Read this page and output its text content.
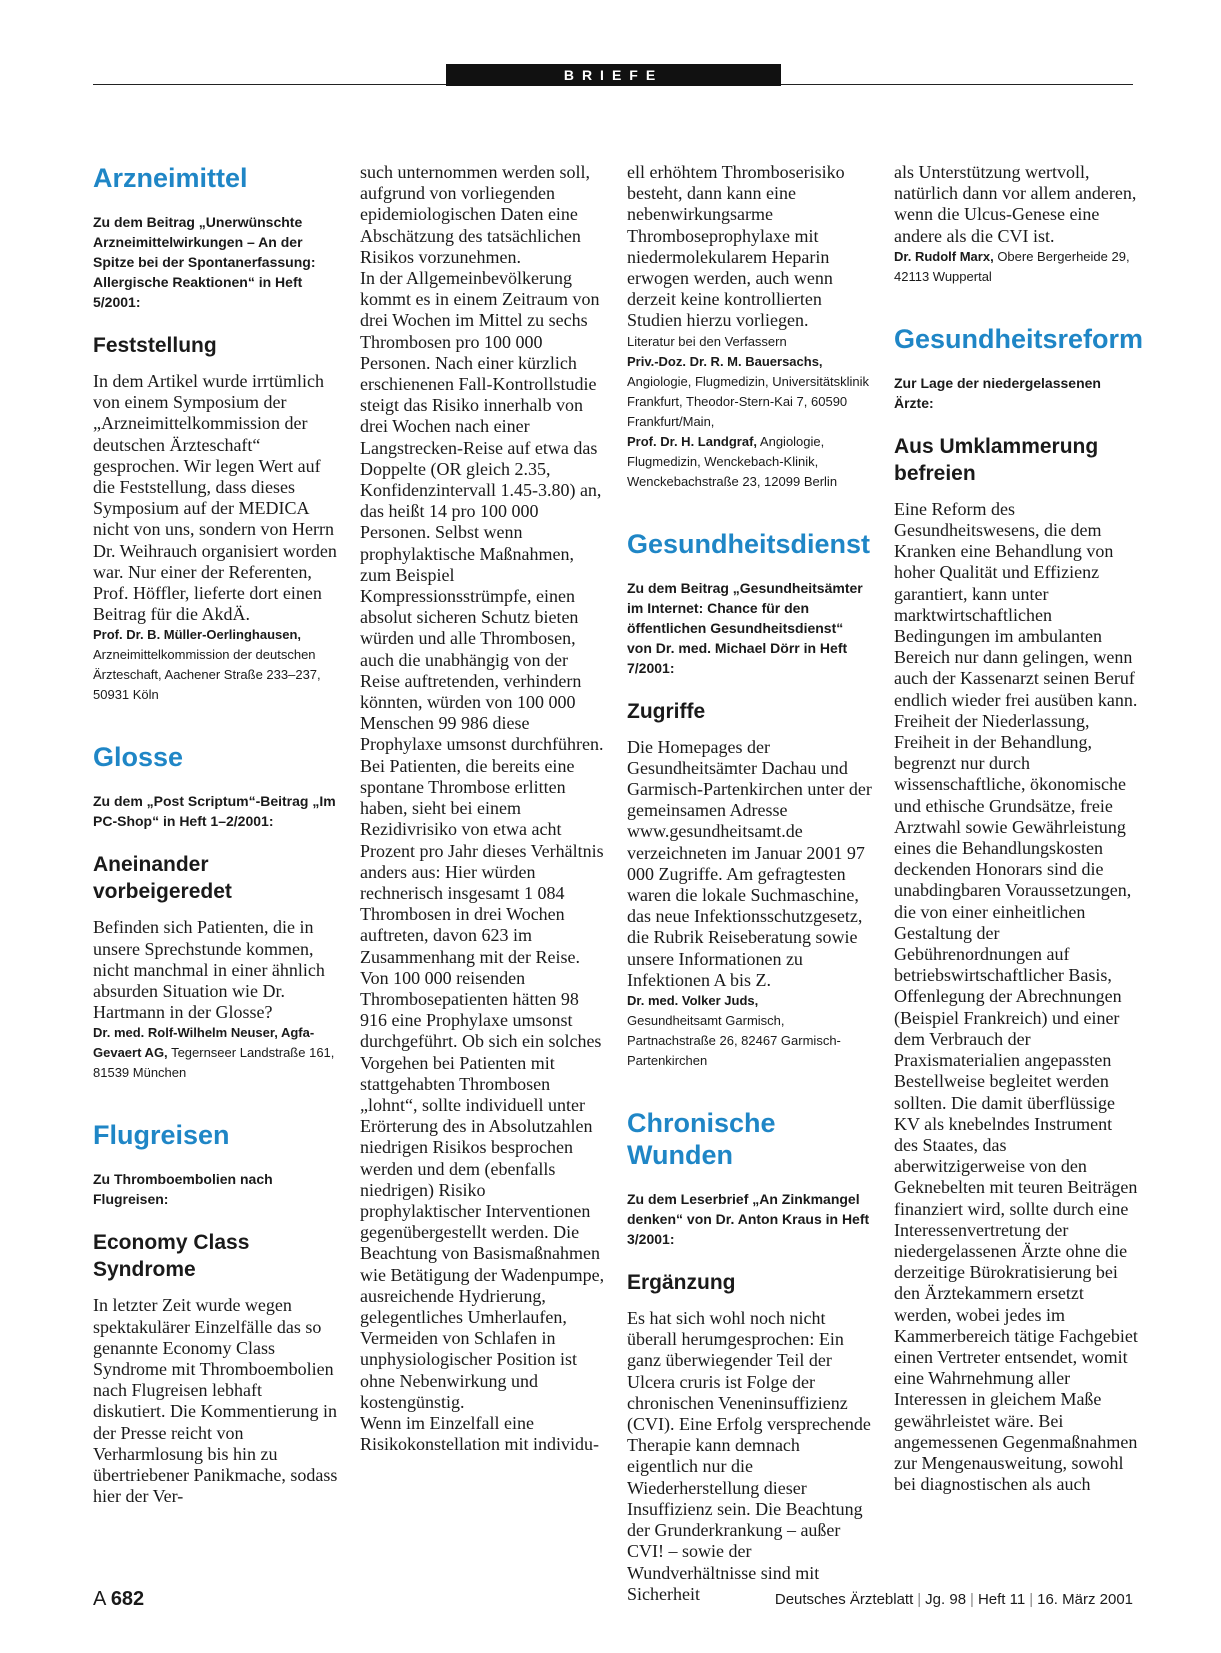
BRIEFE
Arzneimittel

Zu dem Beitrag „Unerwünschte Arzneimittelwirkungen – An der Spitze bei der Spontanerfassung: Allergische Reaktionen“ in Heft 5/2001:

Feststellung

In dem Artikel wurde irrtümlich von einem Symposium der „Arzneimittelkommission der deutschen Ärzteschaft“ gesprochen. Wir legen Wert auf die Feststellung, dass dieses Symposium auf der MEDICA nicht von uns, sondern von Herrn Dr. Weihrauch organisiert worden war. Nur einer der Referenten, Prof. Höffler, lieferte dort einen Beitrag für die AkdÄ.

Prof. Dr. B. Müller-Oerlinghausen,
Arzneimittelkommission der deutschen Ärzteschaft, Aachener Straße 233–237, 50931 Köln

Glosse

Zu dem „Post Scriptum“-Beitrag „Im PC-Shop“ in Heft 1–2/2001:

Aneinander vorbeigeredet

Befinden sich Patienten, die in unsere Sprechstunde kommen, nicht manchmal in einer ähnlich absurden Situation wie Dr. Hartmann in der Glosse?

Dr. med. Rolf-Wilhelm Neuser, Agfa-Gevaert AG, Tegernseer Landstraße 161, 81539 München

Flugreisen

Zu Thromboembolien nach Flugreisen:

Economy Class Syndrome

In letzter Zeit wurde wegen spektakulärer Einzelfälle das so genannte Economy Class Syndrome mit Thromboembolien nach Flugreisen lebhaft diskutiert. Die Kommentierung in der Presse reicht von Verharmlosung bis hin zu übertriebener Panikmache, sodass hier der Ver-

such unternommen werden soll, aufgrund von vorliegenden epidemiologischen Daten eine Abschätzung des tatsächlichen Risikos vorzunehmen.

In der Allgemeinbevölkerung kommt es in einem Zeitraum von drei Wochen im Mittel zu sechs Thrombosen pro 100 000 Personen. Nach einer kürzlich erschienenen Fall-Kontrollstudie steigt das Risiko innerhalb von drei Wochen nach einer Langstrecken-Reise auf etwa das Doppelte (OR gleich 2.35, Konfidenzintervall 1.45-3.80) an, das heißt 14 pro 100 000 Personen. Selbst wenn prophylaktische Maßnahmen, zum Beispiel Kompressionsstrümpfe, einen absolut sicheren Schutz bieten würden und alle Thrombosen, auch die unabhängig von der Reise auftretenden, verhindern könnten, würden von 100 000 Menschen 99 986 diese Prophylaxe umsonst durchführen. Bei Patienten, die bereits eine spontane Thrombose erlitten haben, sieht bei einem Rezidivrisiko von etwa acht Prozent pro Jahr dieses Verhältnis anders aus: Hier würden rechnerisch insgesamt 1 084 Thrombosen in drei Wochen auftreten, davon 623 im Zusammenhang mit der Reise. Von 100 000 reisenden Thrombosepatienten hätten 98 916 eine Prophylaxe umsonst durchgeführt. Ob sich ein solches Vorgehen bei Patienten mit stattgehabten Thrombosen „lohnt“, sollte individuell unter Erörterung des in Absolutzahlen niedrigen Risikos besprochen werden und dem (ebenfalls niedrigen) Risiko prophylaktischer Interventionen gegenübergestellt werden. Die Beachtung von Basismaßnahmen wie Betätigung der Wadenpumpe, ausreichende Hydrierung, gelegentliches Umherlaufen, Vermeiden von Schlafen in unphysiologischer Position ist ohne Nebenwirkung und kostengünstig.

Wenn im Einzelfall eine Risikokonstellation mit individu-

ell erhöhtem Thromboserisiko besteht, dann kann eine nebenwirkungsarme Thromboseprophylaxe mit niedermolekularem Heparin erwogen werden, auch wenn derzeit keine kontrollierten Studien hierzu vorliegen.

Literatur bei den Verfassern

Priv.-Doz. Dr. R. M. Bauersachs, Angiologie, Flugmedizin, Universitätsklinik Frankfurt, Theodor-Stern-Kai 7, 60590 Frankfurt/Main,

Prof. Dr. H. Landgraf, Angiologie, Flugmedizin, Wenckebach-Klinik, Wenckebachstraße 23, 12099 Berlin

Gesundheitsdienst

Zu dem Beitrag „Gesundheitsämter im Internet: Chance für den öffentlichen Gesundheitsdienst“ von Dr. med. Michael Dörr in Heft 7/2001:

Zugriffe

Die Homepages der Gesundheitsämter Dachau und Garmisch-Partenkirchen unter der gemeinsamen Adresse www.gesundheitsamt.de verzeichneten im Januar 2001 97 000 Zugriffe. Am gefragtesten waren die lokale Suchmaschine, das neue Infektionsschutzgesetz, die Rubrik Reiseberatung sowie unsere Informationen zu Infektionen A bis Z.

Dr. med. Volker Juds,
Gesundheitsamt Garmisch, Partnachstraße 26, 82467 Garmisch-Partenkirchen

Chronische Wunden

Zu dem Leserbrief „An Zinkmangel denken“ von Dr. Anton Kraus in Heft 3/2001:

Ergänzung

Es hat sich wohl noch nicht überall herumgesprochen: Ein ganz überwiegender Teil der Ulcera cruris ist Folge der chronischen Veneninsuffizienz (CVI). Eine Erfolg versprechende Therapie kann demnach eigentlich nur die Wiederherstellung dieser Insuffizienz sein. Die Beachtung der Grunderkrankung – außer CVI! – sowie der Wundverhältnisse sind mit Sicherheit

als Unterstützung wertvoll, natürlich dann vor allem anderen, wenn die Ulcus-Genese eine andere als die CVI ist.

Dr. Rudolf Marx, Obere Bergerheide 29, 42113 Wuppertal

Gesundheitsreform

Zur Lage der niedergelassenen Ärzte:

Aus Umklammerung befreien

Eine Reform des Gesundheitswesens, die dem Kranken eine Behandlung von hoher Qualität und Effizienz garantiert, kann unter marktwirtschaftlichen Bedingungen im ambulanten Bereich nur dann gelingen, wenn auch der Kassenarzt seinen Beruf endlich wieder frei ausüben kann. Freiheit der Niederlassung, Freiheit in der Behandlung, begrenzt nur durch wissenschaftliche, ökonomische und ethische Grundsätze, freie Arztwahl sowie Gewährleistung eines die Behandlungskosten deckenden Honorars sind die unabdingbaren Voraussetzungen, die von einer einheitlichen Gestaltung der Gebührenordnungen auf betriebswirtschaftlicher Basis, Offenlegung der Abrechnungen (Beispiel Frankreich) und einer dem Verbrauch der Praxismaterialien angepassten Bestellweise begleitet werden sollten. Die damit überflüssige KV als knebelndes Instrument des Staates, das aberwitzigerweise von den Geknebelten mit teuren Beiträgen finanziert wird, sollte durch eine Interessenvertretung der niedergelassenen Ärzte ohne die derzeitige Bürokratisierung bei den Ärztekammern ersetzt werden, wobei jedes im Kammerbereich tätige Fachgebiet einen Vertreter entsendet, womit eine Wahrnehmung aller Interessen in gleichem Maße gewährleistet wäre. Bei angemessenen Gegenmaßnahmen zur Mengenausweitung, sowohl bei diagnostischen als auch

A 682	Deutsches Ärzteblatt | Jg. 98 | Heft 11 | 16. März 2001
